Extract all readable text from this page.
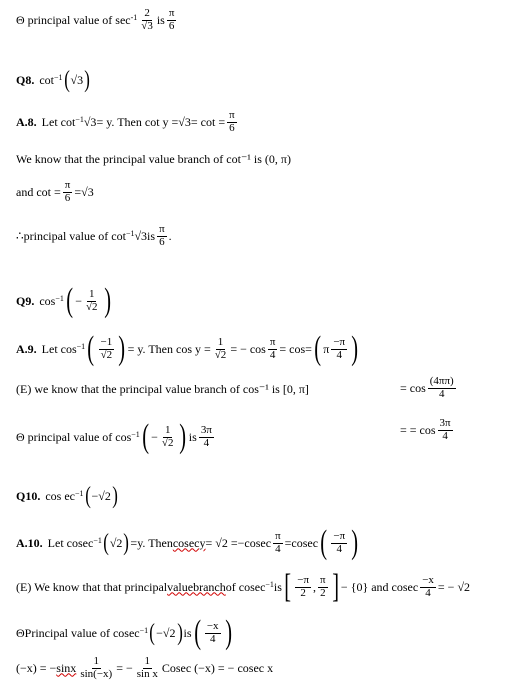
Θ principal value of $\sec -1 \frac{2}{√3}$ is $\frac{\pi}{6}$
Q8. cot −1 ( √3 )
A.8. Let cot −1 √3 = y. Then $\cot y = √3 = \cot = \frac{\pi}{6}$
We know that the principal value branch of cot⁻¹ is (0, π)
and $\cot = \frac{\pi}{6} = √3$
∴principal value of cot −1 √3 is $\frac{\pi}{6}$ .
Q9. cos −1 ( − $\frac{1}{√2}$ )
A.9. Let cos −1 ( $\frac{-1}{√2}$ ) = y. Then $\cos y = \frac{1}{√2}$ = − $\cos \frac{\pi}{4} = \cos=$ ( π $\frac{-\pi}{4}$ )
(E) we know that the principal value branch of cos⁻¹ is [0, π]	= $\cos \frac{(4\pi\pi)}{4}$
Θ principal value of cos −1 ( − $\frac{1}{√2}$ ) is $\frac{3\pi}{4}$	= = $\cos \frac{3\pi}{4}$
Q10. cos ec −1 ( −√2 )
A.10. Let cosec −1 ( √2 ) =y. Then $cosecy = √2 =-cosec \frac{\pi}{4} =cosec$ ( $\frac{-\pi}{4}$ )
(E) We know that that principal valuebranch of cosec −1 is [ $\frac{-\pi}{2}$ , $\frac{\pi}{2}$ ] − {0} and cosec $\frac{-x}{4}$ = − √2
ΘPrincipal value of cosec −1 ( −√2 ) is ( $\frac{-x}{4}$ )
(−x) = − sinx $\frac{1}{\sin(-x)}$ = − $\frac{1}{\text{sin x}}$ Cosec (−x) = − cosec x
